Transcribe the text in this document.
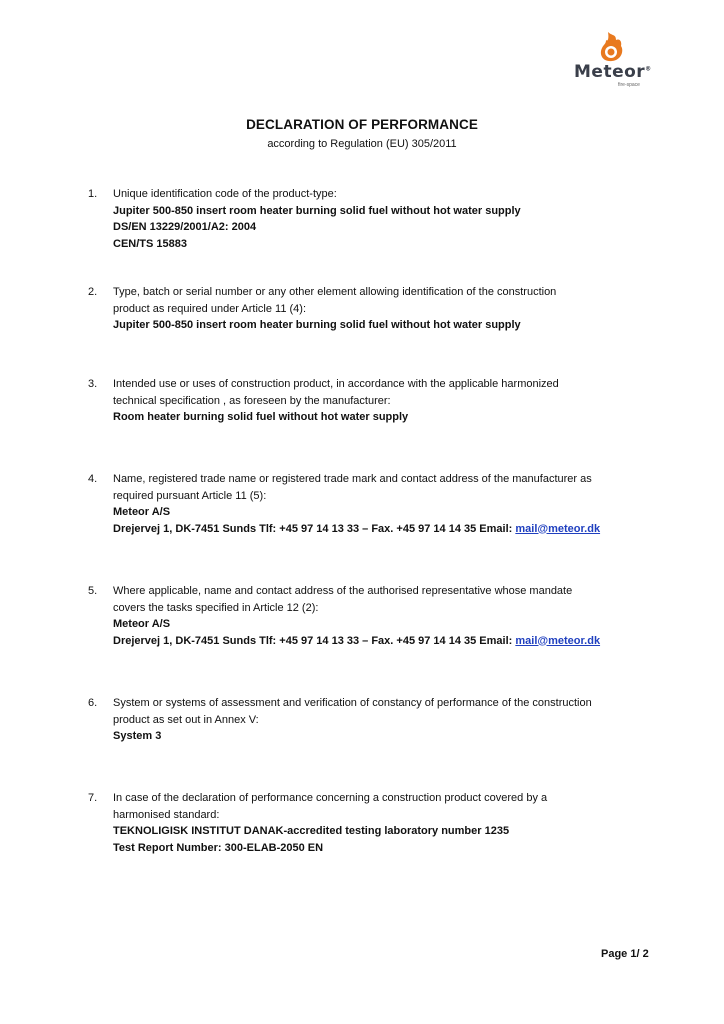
Meteor®
fire-space
DECLARATION OF PERFORMANCE
according to Regulation (EU) 305/2011
1. Unique identification code of the product-type:
Jupiter 500-850 insert room heater burning solid fuel without hot water supply
DS/EN 13229/2001/A2: 2004
CEN/TS 15883
2. Type, batch or serial number or any other element allowing identification of the construction
product as required under Article 11 (4):
Jupiter 500-850 insert room heater burning solid fuel without hot water supply
3. Intended use or uses of construction product, in accordance with the applicable harmonized
technical specification , as foreseen by the manufacturer:
Room heater burning solid fuel without hot water supply
4. Name, registered trade name or registered trade mark and contact address of the manufacturer as
required pursuant Article 11 (5):
Meteor A/S
Drejervej 1, DK-7451 Sunds Tlf: +45 97 14 13 33 – Fax. +45 97 14 14 35 Email: mail@meteor.dk
5. Where applicable, name and contact address of the authorised representative whose mandate
covers the tasks specified in Article 12 (2):
Meteor A/S
Drejervej 1, DK-7451 Sunds Tlf: +45 97 14 13 33 – Fax. +45 97 14 14 35 Email: mail@meteor.dk
6. System or systems of assessment and verification of constancy of performance of the construction
product as set out in Annex V:
System 3
7. In case of the declaration of performance concerning a construction product covered by a
harmonised standard:
TEKNOLIGISK INSTITUT DANAK-accredited testing laboratory number 1235
Test Report Number: 300-ELAB-2050 EN
Page 1/ 2
